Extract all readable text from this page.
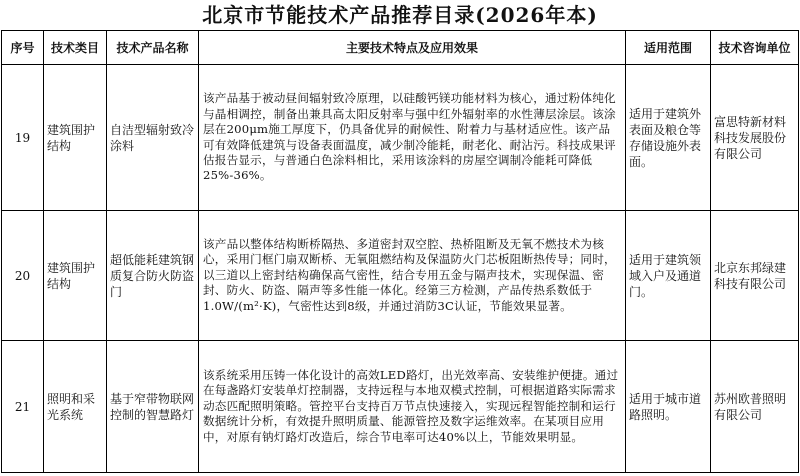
北京市节能技术产品推荐目录(2026年本)
序号	技术类目	技术产品名称	主要技术特点及应用效果	适用范围	技术咨询单位
19	建筑围护结构	自洁型辐射致冷涂料	该产品基于被动昼间辐射致冷原理，以硅酸钙镁功能材料为核心，通过粉体纯化与晶相调控，制备出兼具高太阳反射率与强中红外辐射率的水性薄层涂层。该涂层在200μm施工厚度下，仍具备优异的耐候性、附着力与基材适应性。该产品可有效降低建筑与设备表面温度，减少制冷能耗，耐老化、耐沾污。科技成果评估报告显示，与普通白色涂料相比，采用该涂料的房屋空调制冷能耗可降低25%-36%。	适用于建筑外表面及粮仓等存储设施外表面。	富思特新材料科技发展股份有限公司
20	建筑围护结构	超低能耗建筑钢质复合防火防盗门	该产品以整体结构断桥隔热、多道密封双空腔、热桥阻断及无氧不燃技术为核心，采用门框门扇双断桥、无氧阻燃结构及保温防火门芯板阻断热传导；同时，以三道以上密封结构确保高气密性，结合专用五金与隔声技术，实现保温、密封、防火、防盗、隔声等多性能一体化。经第三方检测，产品传热系数低于1.0W/(m²·K)，气密性达到8级，并通过消防3C认证，节能效果显著。	适用于建筑领域入户及通道门。	北京东邦绿建科技有限公司
21	照明和采光系统	基于窄带物联网控制的智慧路灯	该系统采用压铸一体化设计的高效LED路灯，出光效率高、安装维护便捷。通过在每盏路灯安装单灯控制器，支持远程与本地双模式控制，可根据道路实际需求动态匹配照明策略。管控平台支持百万节点快速接入，实现远程智能控制和运行数据统计分析，有效提升照明质量、能源管控及数字运维效率。在某项目应用中，对原有钠灯路灯改造后，综合节电率可达40%以上，节能效果明显。	适用于城市道路照明。	苏州欧普照明有限公司
